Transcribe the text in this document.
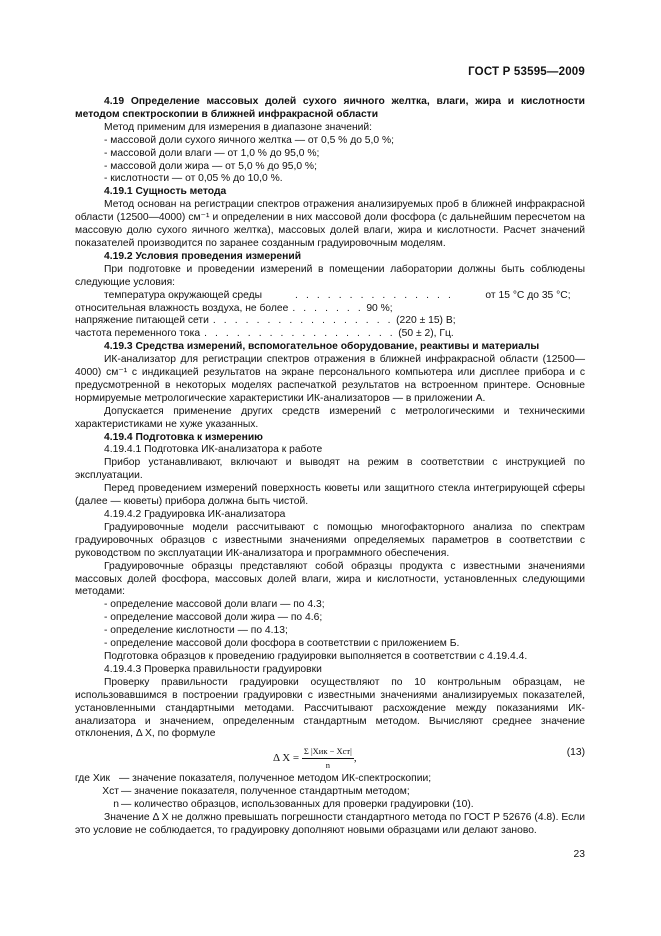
ГОСТ Р 53595—2009

4.19 Определение массовых долей сухого яичного желтка, влаги, жира и кислотности методом спектроскопии в ближней инфракрасной области

Метод применим для измерения в диапазоне значений:

- массовой доли сухого яичного желтка — от 0,5 % до 5,0 %;

- массовой доли влаги — от 1,0 % до 95,0 %;

- массовой доли жира — от 5,0 % до 95,0 %;

- кислотности — от 0,05 % до 10,0 %.

4.19.1 Сущность метода

Метод основан на регистрации спектров отражения анализируемых проб в ближней инфракрасной области (12500—4000) см⁻¹ и определении в них массовой доли фосфора (с дальнейшим пересчетом на массовую долю сухого яичного желтка), массовых долей влаги, жира и кислотности. Расчет значений показателей производится по заранее созданным градуировочным моделям.

4.19.2 Условия проведения измерений

При подготовке и проведении измерений в помещении лаборатории должны быть соблюдены следующие условия:

температура окружающей среды	. . . . . . . . . . . . . . .	от 15 °С до 35 °С;
относительная влажность воздуха, не более . . . . . . . 90 %;
напряжение питающей сети . . . . . . . . . . . . . . . . . (220 ± 15) В;
частота переменного тока . . . . . . . . . . . . . . . . . . (50 ± 2), Гц.

4.19.3 Средства измерений, вспомогательное оборудование, реактивы и материалы

ИК-анализатор для регистрации спектров отражения в ближней инфракрасной области (12500—4000) см⁻¹ с индикацией результатов на экране персонального компьютера или дисплее прибора и с предусмотренной в некоторых моделях распечаткой результатов на встроенном принтере. Основные нормируемые метрологические характеристики ИК-анализаторов — в приложении А.

Допускается применение других средств измерений с метрологическими и техническими характеристиками не хуже указанных.

4.19.4 Подготовка к измерению

4.19.4.1 Подготовка ИК-анализатора к работе

Прибор устанавливают, включают и выводят на режим в соответствии с инструкцией по эксплуатации.

Перед проведением измерений поверхность кюветы или защитного стекла интегрирующей сферы (далее — кюветы) прибора должна быть чистой.

4.19.4.2 Градуировка ИК-анализатора

Градуировочные модели рассчитывают с помощью многофакторного анализа по спектрам градуировочных образцов с известными значениями определяемых параметров в соответствии с руководством по эксплуатации ИК-анализатора и программного обеспечения.

Градуировочные образцы представляют собой образцы продукта с известными значениями массовых долей фосфора, массовых долей влаги, жира и кислотности, установленных следующими методами:

- определение массовой доли влаги — по 4.3;

- определение массовой доли жира — по 4.6;

- определение кислотности — по 4.13;

- определение массовой доли фосфора в соответствии с приложением Б.

Подготовка образцов к проведению градуировки выполняется в соответствии с 4.19.4.4.

4.19.4.3 Проверка правильности градуировки

Проверку правильности градуировки осуществляют по 10 контрольным образцам, не использовавшимся в построении градуировки с известными значениями анализируемых показателей, установленными стандартными методами. Рассчитывают расхождение между показаниями ИК-анализатора и значением, определенным стандартным методом. Вычисляют среднее значение отклонения, Δ X, по формуле

Δ $X = \frac{\text{Σ |Xик − Xст|}}{n}$ ,	(13)
где Xик — значение показателя, полученное методом ИК-спектроскопии;
Xст — значение показателя, полученное стандартным методом;
n — количество образцов, использованных для проверки градуировки (10).

Значение Δ X не должно превышать погрешности стандартного метода по ГОСТ Р 52676 (4.8). Если это условие не соблюдается, то градуировку дополняют новыми образцами или делают заново.

23
